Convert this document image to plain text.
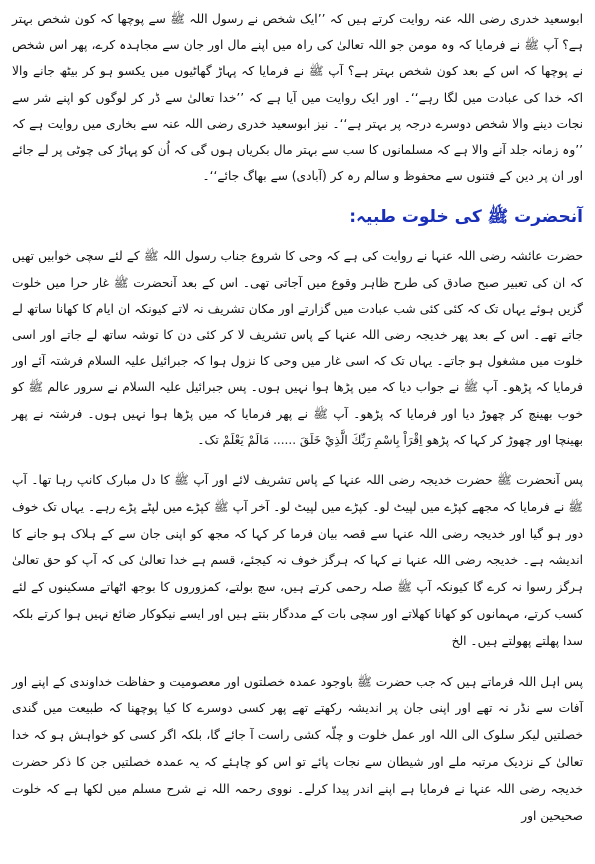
ابوسعید خدری رضی اللہ عنہ روایت کرتے ہیں کہ ’’ایک شخص نے رسول اللہ ﷺ سے پوچھا کہ کون شخص بہتر ہے؟ آپ ﷺ نے فرمایا کہ وہ مومن جو اللہ تعالیٰ کی راہ میں اپنے مال اور جان سے مجاہدہ کرے، پھر اس شخص نے پوچھا کہ اس کے بعد کون شخص بہتر ہے؟ آپ ﷺ نے فرمایا کہ پہاڑ گھاٹیوں میں یکسو ہو کر بیٹھ جانے والا اکہ خدا کی عبادت میں لگا رہے‘‘۔ اور ایک روایت میں آیا ہے کہ ’’خدا تعالیٰ سے ڈر کر لوگوں کو اپنے شر سے نجات دینے والا شخص دوسرے درجہ پر بہتر ہے‘‘۔ نیز ابوسعید خدری رضی اللہ عنہ سے بخاری میں روایت ہے کہ ’’وہ زمانہ جلد آنے والا ہے کہ مسلمانوں کا سب سے بہتر مال بکریاں ہوں گی کہ اُن کو پہاڑ کی چوٹی پر لے جائے اور ان پر دین کے فتنوں سے محفوظ و سالم رہ کر (آبادی) سے بھاگ جائے‘‘۔

آنحضرت ﷺ کی خلوت طبیہ:

حضرت عائشہ رضی اللہ عنہا نے روایت کی ہے کہ وحی کا شروع جناب رسول اللہ ﷺ کے لئے سچی خوابیں تھیں کہ ان کی تعبیر صبح صادق کی طرح ظاہر وقوع میں آجاتی تھی۔ اس کے بعد آنحضرت ﷺ غار حرا میں خلوت گزیں ہوئے یہاں تک کہ کئی کئی شب عبادت میں گزارتے اور مکان تشریف نہ لاتے کیونکہ ان ایام کا کھانا ساتھ لے جاتے تھے۔ اس کے بعد پھر خدیجہ رضی اللہ عنہا کے پاس تشریف لا کر کئی دن کا توشہ ساتھ لے جاتے اور اسی خلوت میں مشغول ہو جاتے۔ یہاں تک کہ اسی غار میں وحی کا نزول ہوا کہ جبرائیل علیہ السلام فرشتہ آئے اور فرمایا کہ پڑھو۔ آپ ﷺ نے جواب دیا کہ میں پڑھا ہوا نہیں ہوں۔ پس جبرائیل علیہ السلام نے سرور عالم ﷺ کو خوب بھینچ کر چھوڑ دیا اور فرمایا کہ پڑھو۔ آپ ﷺ نے پھر فرمایا کہ میں پڑھا ہوا نہیں ہوں۔ فرشتہ نے پھر بھینچا اور چھوڑ کر کہا کہ پڑھو اِقْرَاْ بِاسْمِ رَبِّكَ الَّذِيْ خَلَقَ ...... مَالَمْ يَعْلَمْ تک۔

پس آنحضرت ﷺ حضرت خدیجہ رضی اللہ عنہا کے پاس تشریف لائے اور آپ ﷺ کا دل مبارک کانپ رہا تھا۔ آپ ﷺ نے فرمایا کہ مجھے کپڑے میں لپیٹ لو۔ کپڑے میں لپیٹ لو۔ آخر آپ ﷺ کپڑے میں لپٹے پڑے رہے۔ یہاں تک خوف دور ہو گیا اور خدیجہ رضی اللہ عنہا سے قصہ بیان فرما کر کہا کہ مجھ کو اپنی جان سے کے ہلاک ہو جانے کا اندیشہ ہے۔ خدیجہ رضی اللہ عنہا نے کہا کہ ہرگز خوف نہ کیجئے، قسم ہے خدا تعالیٰ کی کہ آپ کو حق تعالیٰ ہرگز رسوا نہ کرے گا کیونکہ آپ ﷺ صلہ رحمی کرتے ہیں، سچ بولتے، کمزوروں کا بوجھ اٹھاتے مسکینوں کے لئے کسب کرتے، مہمانوں کو کھانا کھلاتے اور سچی بات کے مددگار بنتے ہیں اور ایسے نیکوکار ضائع نہیں ہوا کرتے بلکہ سدا پھلتے پھولتے ہیں۔ الخ

پس اہل اللہ فرماتے ہیں کہ جب حضرت ﷺ باوجود عمدہ خصلتوں اور معصومیت و حفاظت خداوندی کے اپنے اور آفات سے نڈر نہ تھے اور اپنی جان پر اندیشہ رکھتے تھے پھر کسی دوسرے کا کیا پوچھنا کہ طبیعت میں گندی خصلتیں لیکر سلوک الی اللہ اور عمل خلوت و چلّہ کشی راست آ جائے گا، بلکہ اگر کسی کو خواہش ہو کہ خدا تعالیٰ کے نزدیک مرتبہ ملے اور شیطان سے نجات پائے تو اس کو چاہئے کہ یہ عمدہ خصلتیں جن کا ذکر حضرت خدیجہ رضی اللہ عنہا نے فرمایا ہے اپنے اندر پیدا کرلے۔ نووی رحمہ اللہ نے شرح مسلم میں لکھا ہے کہ خلوت صحیحین اور
